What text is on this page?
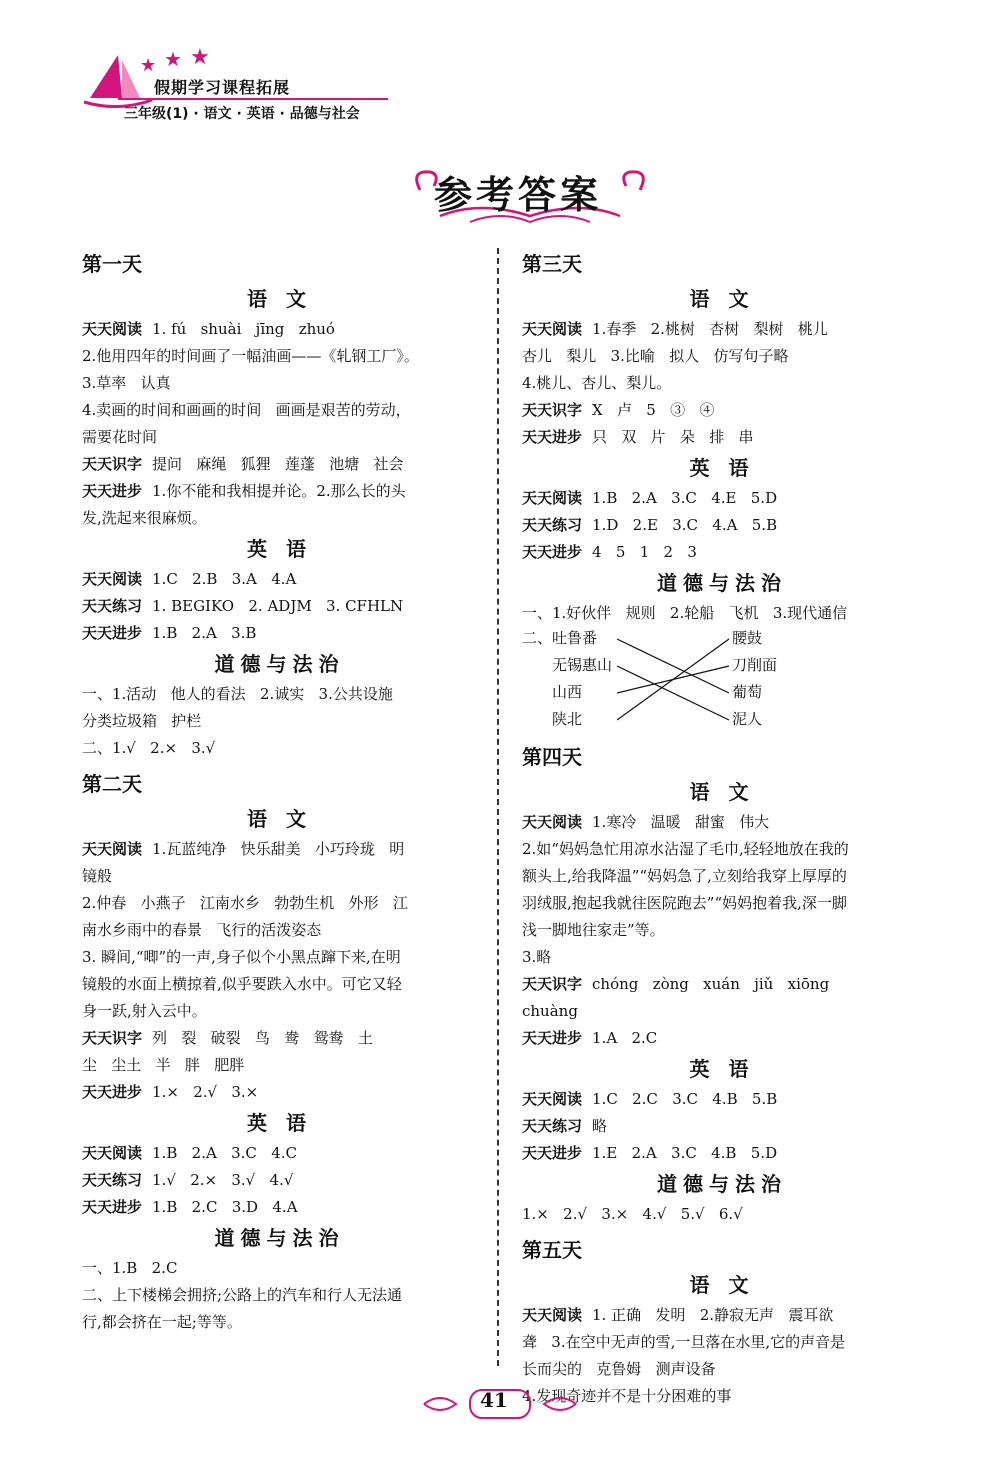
★ ★ ★
假期学习课程拓展
三年级(1) · 语文 · 英语 · 品德与社会
参考答案
第一天
语 文
天天阅读 1. fú   shuài   jīng   zhuó
2.他用四年的时间画了一幅油画——《轧钢工厂》。
3.草率   认真
4.卖画的时间和画画的时间   画画是艰苦的劳动，
需要花时间
天天识字 提问   麻绳   狐狸   莲蓬   池塘   社会
天天进步 1.你不能和我相提并论。2.那么长的头
发,洗起来很麻烦。
英 语
天天阅读 1.C   2.B   3.A   4.A
天天练习 1. BEGIKO   2. ADJM   3. CFHLN
天天进步 1.B   2.A   3.B
道德与法治
一、1.活动   他人的看法   2.诚实   3.公共设施
分类垃圾箱   护栏
二、1.√   2.×   3.√
第二天
语 文
天天阅读 1.瓦蓝纯净   快乐甜美   小巧玲珑   明
镜般
2.仲春   小燕子   江南水乡   勃勃生机   外形   江
南水乡雨中的春景   飞行的活泼姿态
3. 瞬间,“唧”的一声,身子似个小黑点蹿下来,在明
镜般的水面上横掠着,似乎要跌入水中。可它又轻
身一跃,射入云中。
天天识字 列   裂   破裂   鸟   鸯   鸳鸯   土
尘   尘土   半   胖   肥胖
天天进步 1.×   2.√   3.×
英 语
天天阅读 1.B   2.A   3.C   4.C
天天练习 1.√   2.×   3.√   4.√
天天进步 1.B   2.C   3.D   4.A
道德与法治
一、1.B   2.C
二、上下楼梯会拥挤;公路上的汽车和行人无法通
行,都会挤在一起;等等。
第三天
语 文
天天阅读 1.春季   2.桃树   杏树   梨树   桃儿
杏儿   梨儿   3.比喻   拟人   仿写句子略
4.桃儿、杏儿、梨儿。
天天识字 X   卢   5   ③   ④
天天进步 只   双   片   朵   排   串
英 语
天天阅读 1.B   2.A   3.C   4.E   5.D
天天练习 1.D   2.E   3.C   4.A   5.B
天天进步 4   5   1   2   3
道德与法治
一、1.好伙伴   规则   2.轮船   飞机   3.现代通信
二、 吐鲁番
无锡惠山
山西
陕北
腰鼓
刀削面
葡萄
泥人
第四天
语 文
天天阅读 1.寒冷   温暖   甜蜜   伟大
2.如“妈妈急忙用凉水沾湿了毛巾,轻轻地放在我的
额头上,给我降温”“妈妈急了,立刻给我穿上厚厚的
羽绒服,抱起我就往医院跑去”“妈妈抱着我,深一脚
浅一脚地往家走”等。
3.略
天天识字 chóng   zòng   xuán   jiǔ   xiōng
chuàng
天天进步 1.A   2.C
英 语
天天阅读 1.C   2.C   3.C   4.B   5.B
天天练习 略
天天进步 1.E   2.A   3.C   4.B   5.D
道德与法治
1.×   2.√   3.×   4.√   5.√   6.√
第五天
语 文
天天阅读 1. 正确   发明   2.静寂无声   震耳欲
聋   3.在空中无声的雪,一旦落在水里,它的声音是
长而尖的   克鲁姆   测声设备
4.发现奇迹并不是十分困难的事
41
